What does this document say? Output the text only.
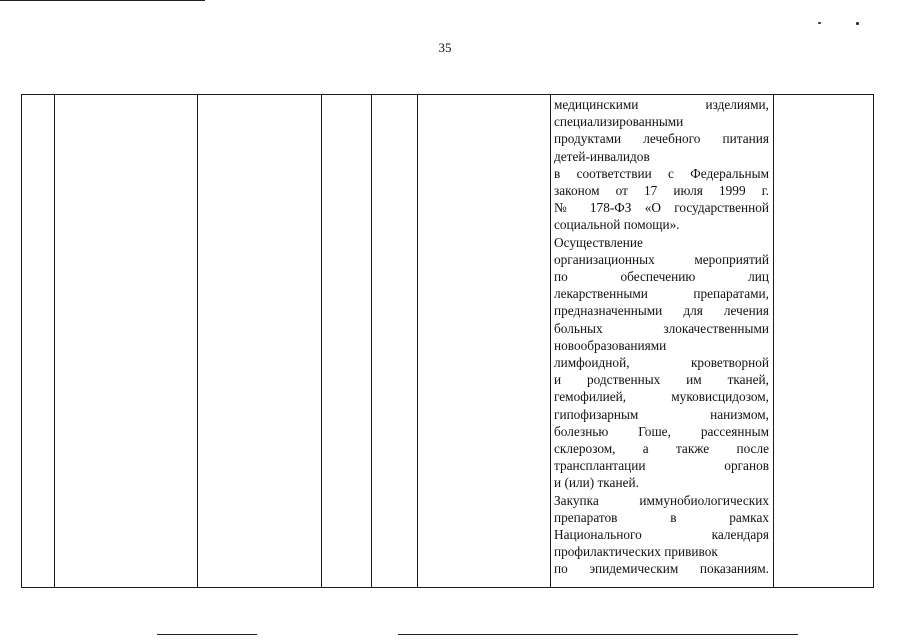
35

медицинскими изделиями,
специализированными
продуктами лечебного питания
детей-инвалидов
в соответствии с Федеральным
законом от 17 июля 1999 г.
№ 178-ФЗ «О государственной
социальной помощи».
Осуществление
организационных мероприятий
по обеспечению лиц
лекарственными препаратами,
предназначенными для лечения
больных злокачественными
новообразованиями
лимфоидной, кроветворной
и родственных им тканей,
гемофилией, муковисцидозом,
гипофизарным нанизмом,
болезнью Гоше, рассеянным
склерозом, а также после
трансплантации органов
и (или) тканей.
Закупка иммунобиологических
препаратов в рамках
Национального календаря
профилактических прививок
по эпидемическим показаниям.
